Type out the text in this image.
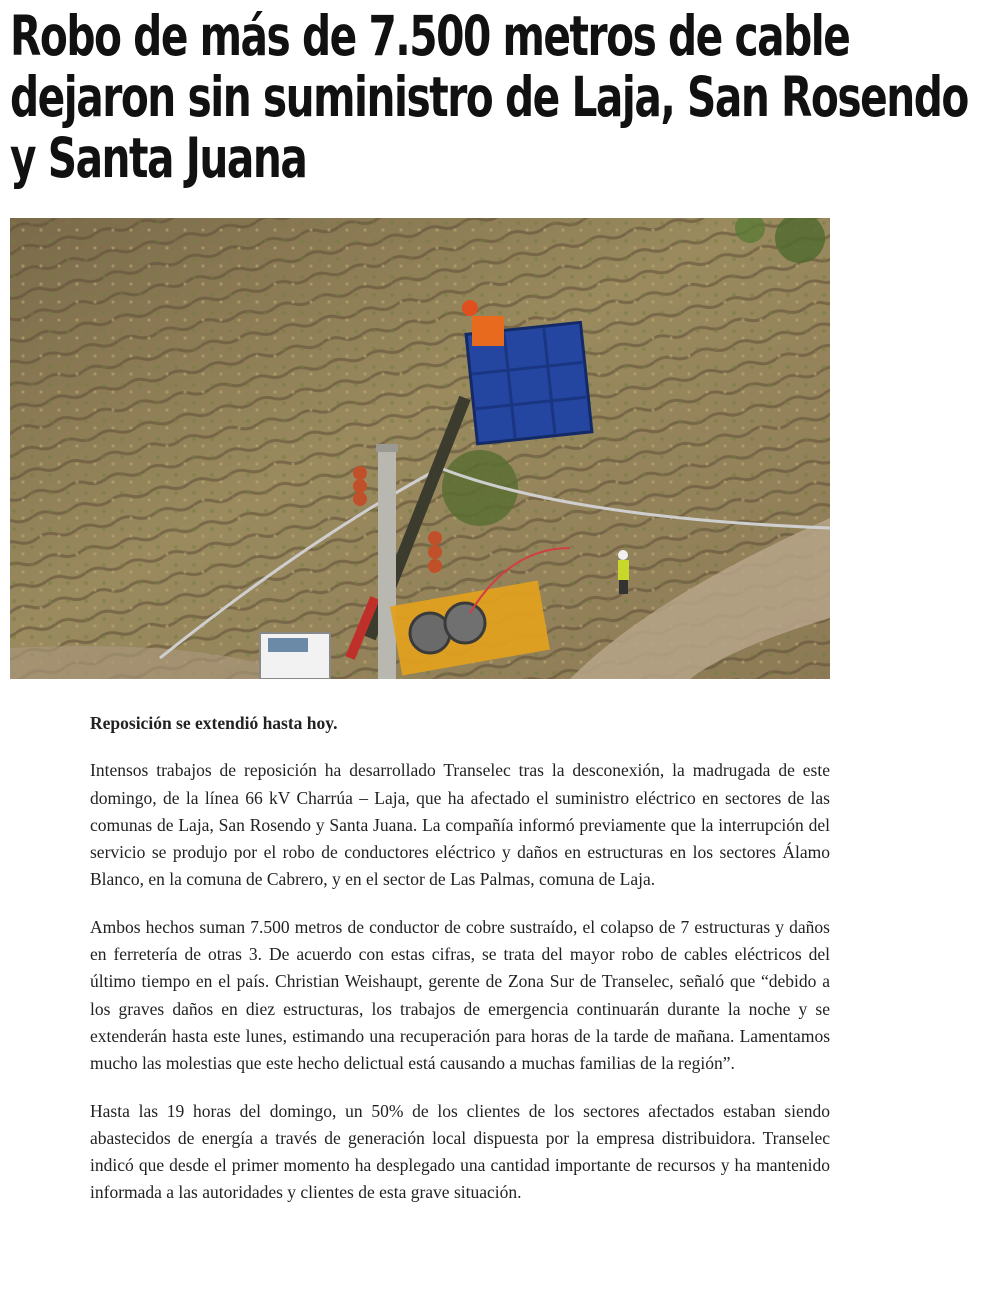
Robo de más de 7.500 metros de cable dejaron sin suministro de Laja, San Rosendo y Santa Juana

Reposición se extendió hasta hoy.

Intensos trabajos de reposición ha desarrollado Transelec tras la desconexión, la madrugada de este domingo, de la línea 66 kV Charrúa – Laja, que ha afectado el suministro eléctrico en sectores de las comunas de Laja, San Rosendo y Santa Juana. La compañía informó previamente que la interrupción del servicio se produjo por el robo de conductores eléctrico y daños en estructuras en los sectores Álamo Blanco, en la comuna de Cabrero, y en el sector de Las Palmas, comuna de Laja.

Ambos hechos suman 7.500 metros de conductor de cobre sustraído, el colapso de 7 estructuras y daños en ferretería de otras 3. De acuerdo con estas cifras, se trata del mayor robo de cables eléctricos del último tiempo en el país. Christian Weishaupt, gerente de Zona Sur de Transelec, señaló que “debido a los graves daños en diez estructuras, los trabajos de emergencia continuarán durante la noche y se extenderán hasta este lunes, estimando una recuperación para horas de la tarde de mañana. Lamentamos mucho las molestias que este hecho delictual está causando a muchas familias de la región”.

Hasta las 19 horas del domingo, un 50% de los clientes de los sectores afectados estaban siendo abastecidos de energía a través de generación local dispuesta por la empresa distribuidora. Transelec indicó que desde el primer momento ha desplegado una cantidad importante de recursos y ha mantenido informada a las autoridades y clientes de esta grave situación.
